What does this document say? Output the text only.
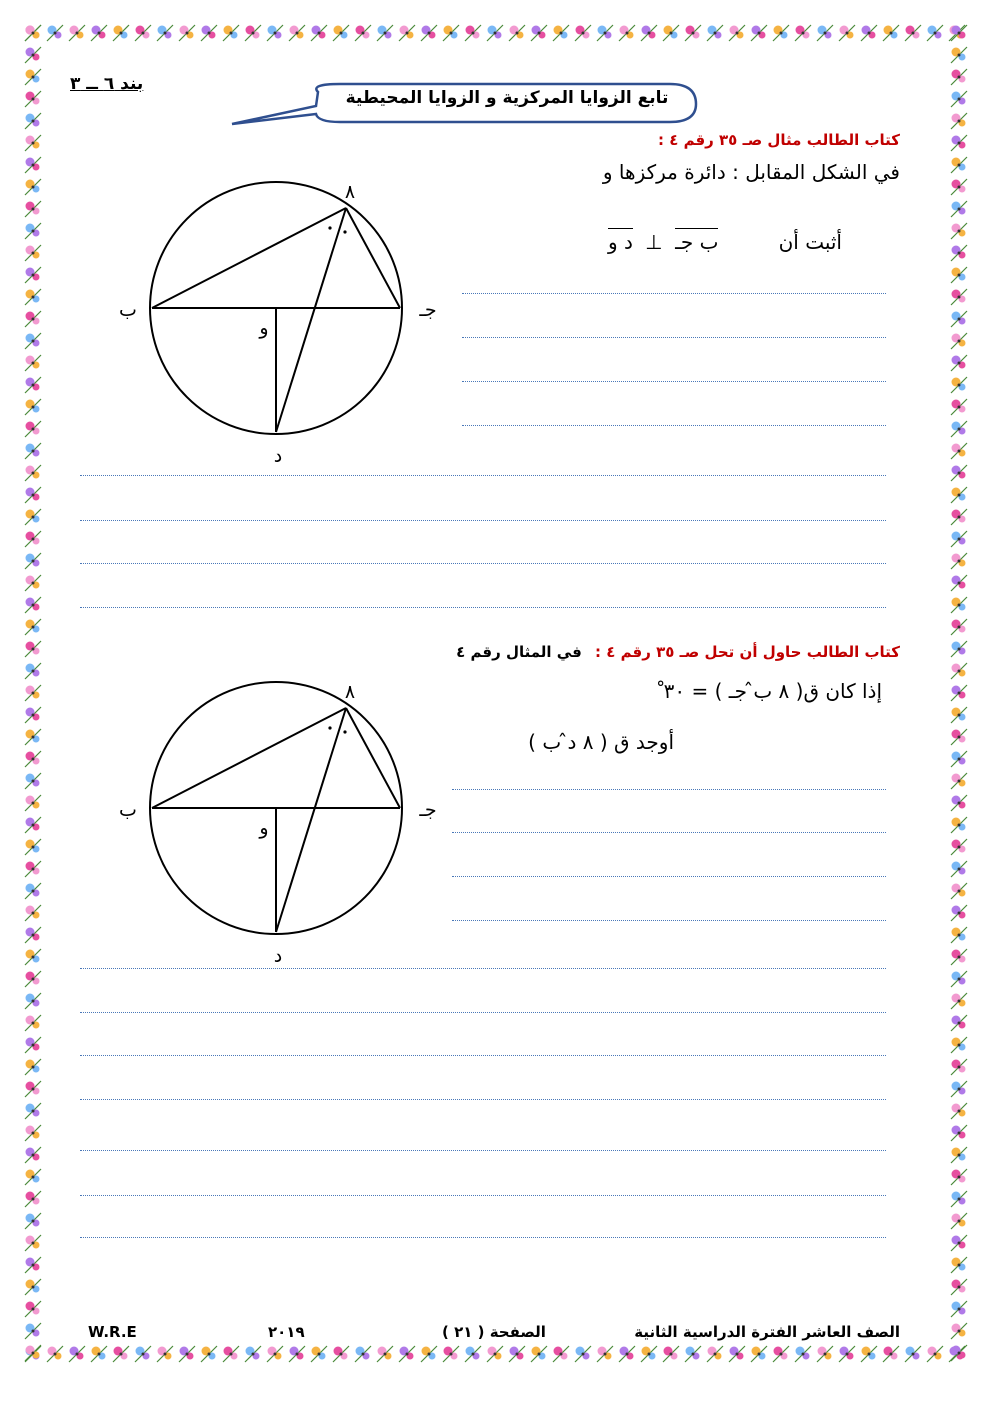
بند ٦ ــ ٣
تابع الزوايا المركزية و الزوايا المحيطية
كتاب الطالب مثال صـ ٣٥ رقم ٤ :
في الشكل المقابل : دائرة مركزها و
أثبت أن
د و ⊥ ب جـ
٨
ب	جـ
و
د
كتاب الطالب حاول أن تحل صـ ٣٥ رقم ٤ : في المثال رقم ٤
إذا كان ق( ٨ ب̂ جـ ) = ٣٠ ْ
أوجد ق ( ٨ د̂ ب )
٨
ب	جـ
و
د
W.R.E	٢٠١٩	الصفحة ( ٢١ )	الصف العاشر الفترة الدراسية الثانية
